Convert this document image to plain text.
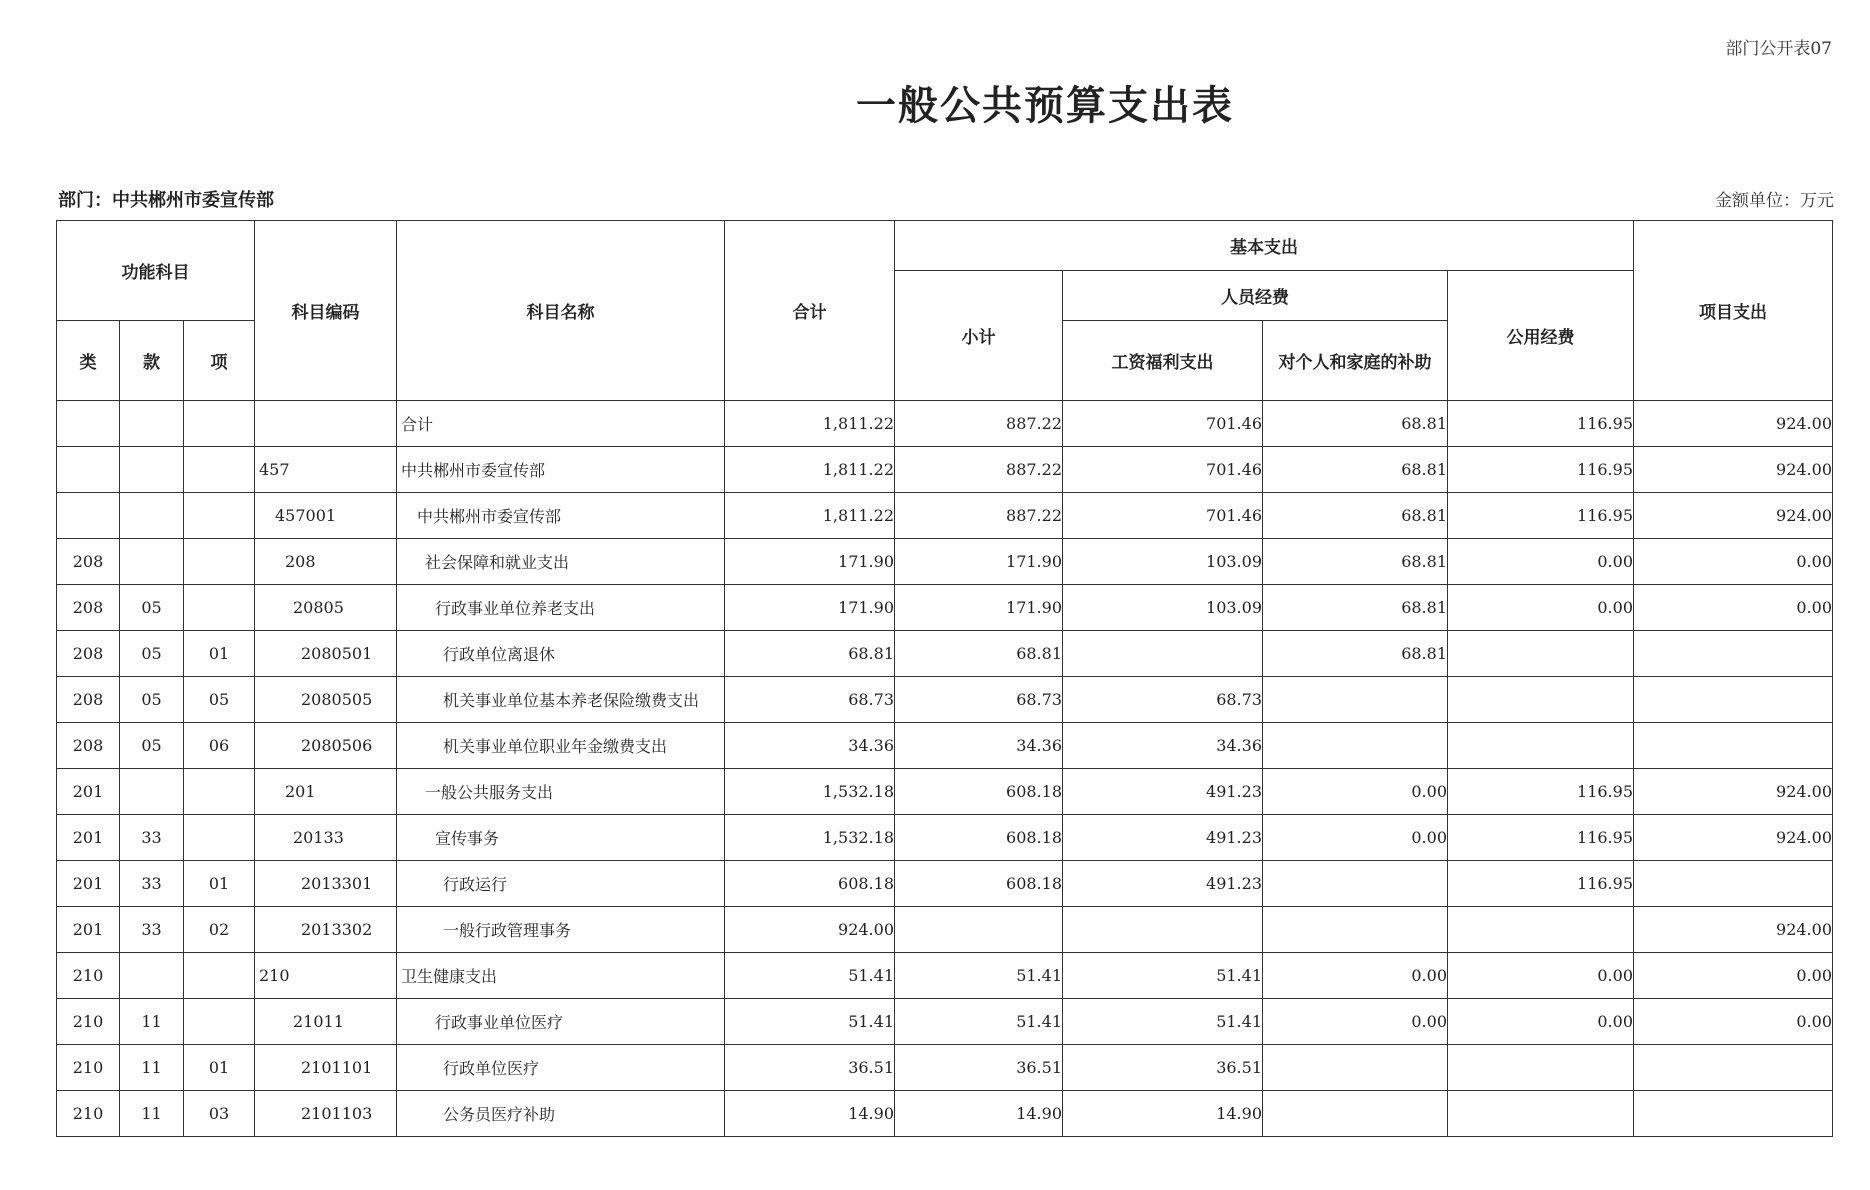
部门公开表07
一般公共预算支出表
部门：中共郴州市委宣传部	金额单位：万元
功能科目			科目编码	科目名称	合计	基本支出				项目支出
						小计	人员经费		公用经费	
类	款	项					工资福利支出	对个人和家庭的补助		
				合计	1,811.22	887.22	701.46	68.81	116.95	924.00
			457	中共郴州市委宣传部	1,811.22	887.22	701.46	68.81	116.95	924.00
			457001	中共郴州市委宣传部	1,811.22	887.22	701.46	68.81	116.95	924.00
208			208	社会保障和就业支出	171.90	171.90	103.09	68.81	0.00	0.00
208	05		20805	行政事业单位养老支出	171.90	171.90	103.09	68.81	0.00	0.00
208	05	01	2080501	行政单位离退休	68.81	68.81		68.81		
208	05	05	2080505	机关事业单位基本养老保险缴费支出	68.73	68.73	68.73			
208	05	06	2080506	机关事业单位职业年金缴费支出	34.36	34.36	34.36			
201			201	一般公共服务支出	1,532.18	608.18	491.23	0.00	116.95	924.00
201	33		20133	宣传事务	1,532.18	608.18	491.23	0.00	116.95	924.00
201	33	01	2013301	行政运行	608.18	608.18	491.23		116.95	
201	33	02	2013302	一般行政管理事务	924.00					924.00
210			210	卫生健康支出	51.41	51.41	51.41	0.00	0.00	0.00
210	11		21011	行政事业单位医疗	51.41	51.41	51.41	0.00	0.00	0.00
210	11	01	2101101	行政单位医疗	36.51	36.51	36.51			
210	11	03	2101103	公务员医疗补助	14.90	14.90	14.90			
